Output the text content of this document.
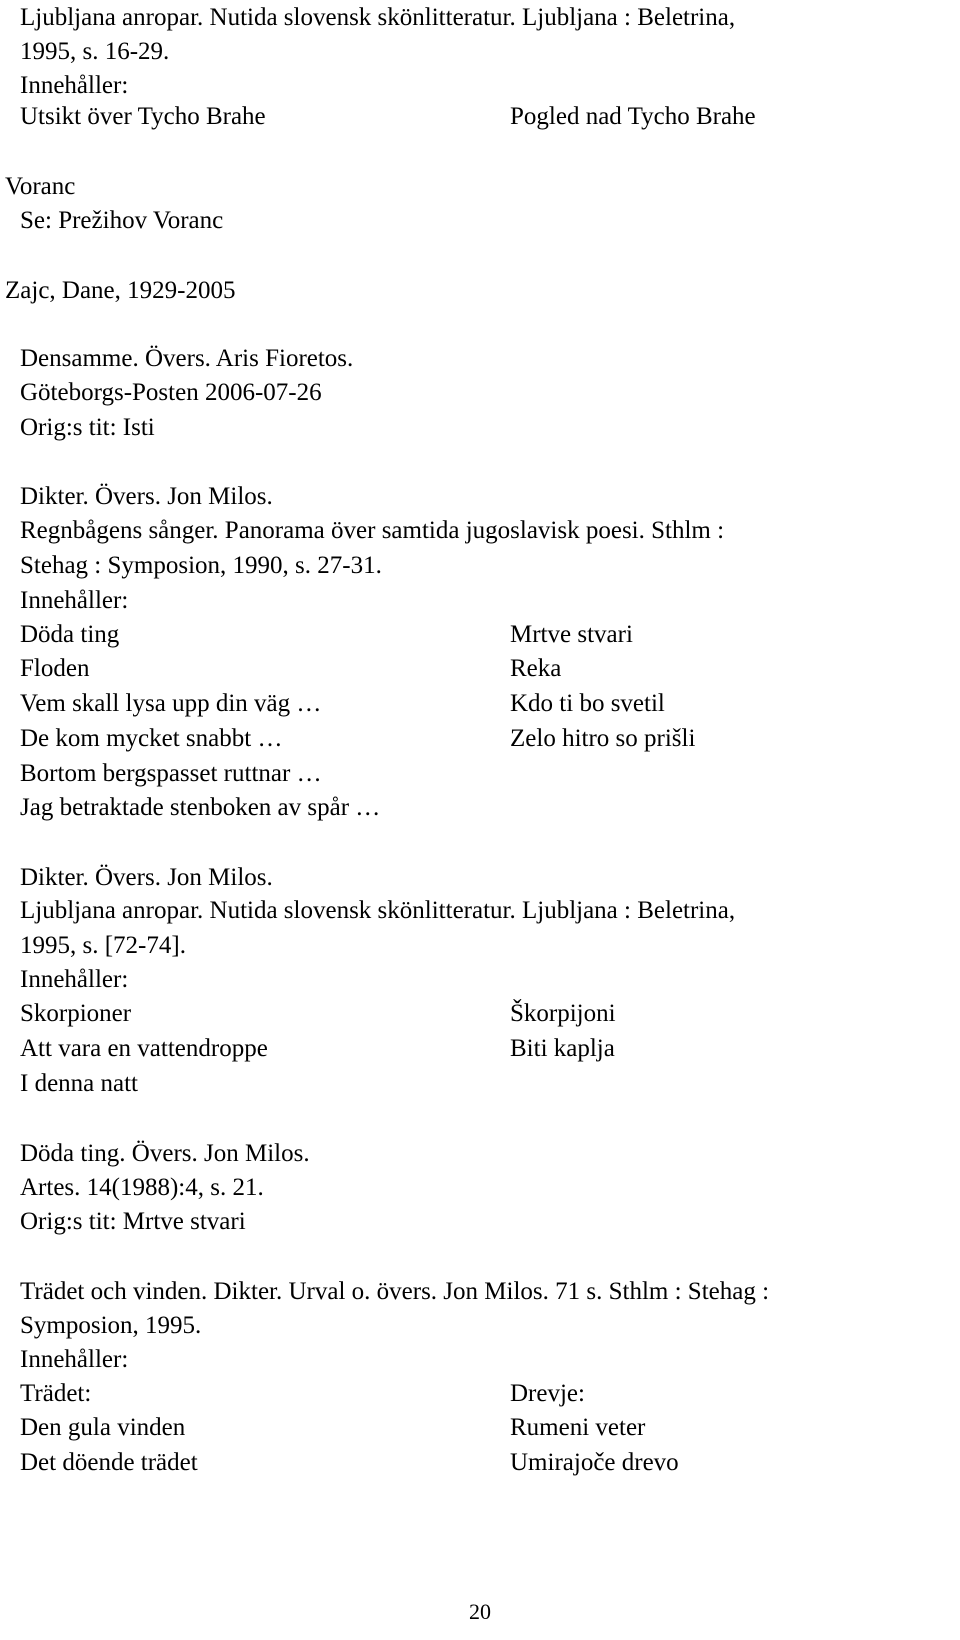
Ljubljana anropar. Nutida slovensk skönlitteratur. Ljubljana : Beletrina,
1995, s. 16-29.
Innehåller:
Utsikt över Tycho Brahe	Pogled nad Tycho Brahe
Voranc
Se: Prežihov Voranc
Zajc, Dane, 1929-2005
Densamme. Övers. Aris Fioretos.
Göteborgs-Posten 2006-07-26
Orig:s tit: Isti
Dikter. Övers. Jon Milos.
Regnbågens sånger. Panorama över samtida jugoslavisk poesi. Sthlm :
Stehag : Symposion, 1990, s. 27-31.
Innehåller:
Döda ting	Mrtve stvari
Floden	Reka
Vem skall lysa upp din väg …	Kdo ti bo svetil
De kom mycket snabbt …	Zelo hitro so prišli
Bortom bergspasset ruttnar …
Jag betraktade stenboken av spår …
Dikter. Övers. Jon Milos.
Ljubljana anropar. Nutida slovensk skönlitteratur. Ljubljana : Beletrina,
1995, s. [72-74].
Innehåller:
Skorpioner	Škorpijoni
Att vara en vattendroppe	Biti kaplja
I denna natt
Döda ting. Övers. Jon Milos.
Artes. 14(1988):4, s. 21.
Orig:s tit: Mrtve stvari
Trädet och vinden. Dikter. Urval o. övers. Jon Milos. 71 s. Sthlm : Stehag :
Symposion, 1995.
Innehåller:
Trädet:	Drevje:
Den gula vinden	Rumeni veter
Det döende trädet	Umirajoče drevo
20
